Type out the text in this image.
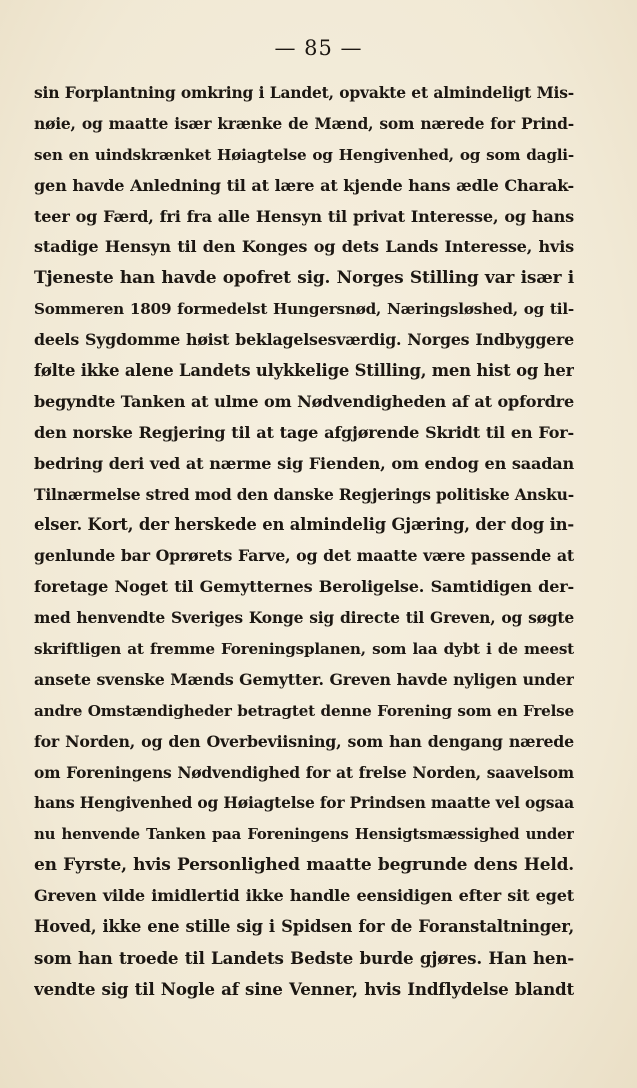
— 85 —
sin Forplantning omkring i Landet, opvakte et almindeligt Mis-
nøie, og maatte især krænke de Mænd, som nærede for Prind-
sen en uindskrænket Høiagtelse og Hengivenhed, og som dagli-
gen havde Anledning til at lære at kjende hans ædle Charak-
teer og Færd, fri fra alle Hensyn til privat Interesse, og hans
stadige Hensyn til den Konges og dets Lands Interesse, hvis
Tjeneste han havde opofret sig. Norges Stilling var især i
Sommeren 1809 formedelst Hungersnød, Næringsløshed, og til-
deels Sygdomme høist beklagelsesværdig. Norges Indbyggere
følte ikke alene Landets ulykkelige Stilling, men hist og her
begyndte Tanken at ulme om Nødvendigheden af at opfordre
den norske Regjering til at tage afgjørende Skridt til en For-
bedring deri ved at nærme sig Fienden, om endog en saadan
Tilnærmelse stred mod den danske Regjerings politiske Ansku-
elser. Kort, der herskede en almindelig Gjæring, der dog in-
genlunde bar Oprørets Farve, og det maatte være passende at
foretage Noget til Gemytternes Beroligelse. Samtidigen der-
med henvendte Sveriges Konge sig directe til Greven, og søgte
skriftligen at fremme Foreningsplanen, som laa dybt i de meest
ansete svenske Mænds Gemytter. Greven havde nyligen under
andre Omstændigheder betragtet denne Forening som en Frelse
for Norden, og den Overbeviisning, som han dengang nærede
om Foreningens Nødvendighed for at frelse Norden, saavelsom
hans Hengivenhed og Høiagtelse for Prindsen maatte vel ogsaa
nu henvende Tanken paa Foreningens Hensigtsmæssighed under
en Fyrste, hvis Personlighed maatte begrunde dens Held.
Greven vilde imidlertid ikke handle eensidigen efter sit eget
Hoved, ikke ene stille sig i Spidsen for de Foranstaltninger,
som han troede til Landets Bedste burde gjøres. Han hen-
vendte sig til Nogle af sine Venner, hvis Indflydelse blandt
